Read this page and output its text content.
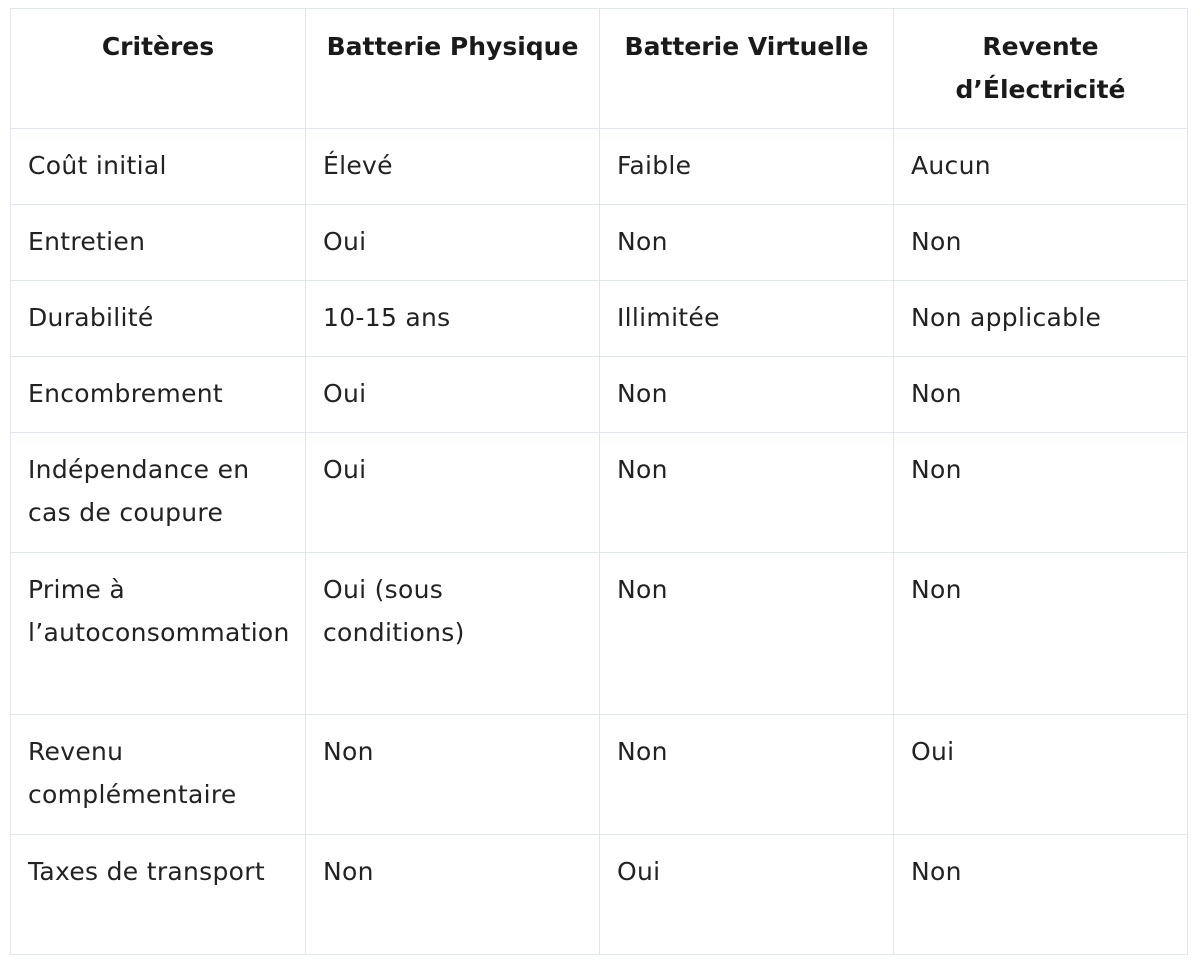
Critères	Batterie Physique	Batterie Virtuelle	Revente d’Électricité
Coût initial	Élevé	Faible	Aucun
Entretien	Oui	Non	Non
Durabilité	10-15 ans	Illimitée	Non applicable
Encombrement	Oui	Non	Non
Indépendance en cas de coupure	Oui	Non	Non
Prime à l’autoconsommation	Oui (sous conditions)	Non	Non
Revenu complémentaire	Non	Non	Oui
Taxes de transport	Non	Oui	Non
